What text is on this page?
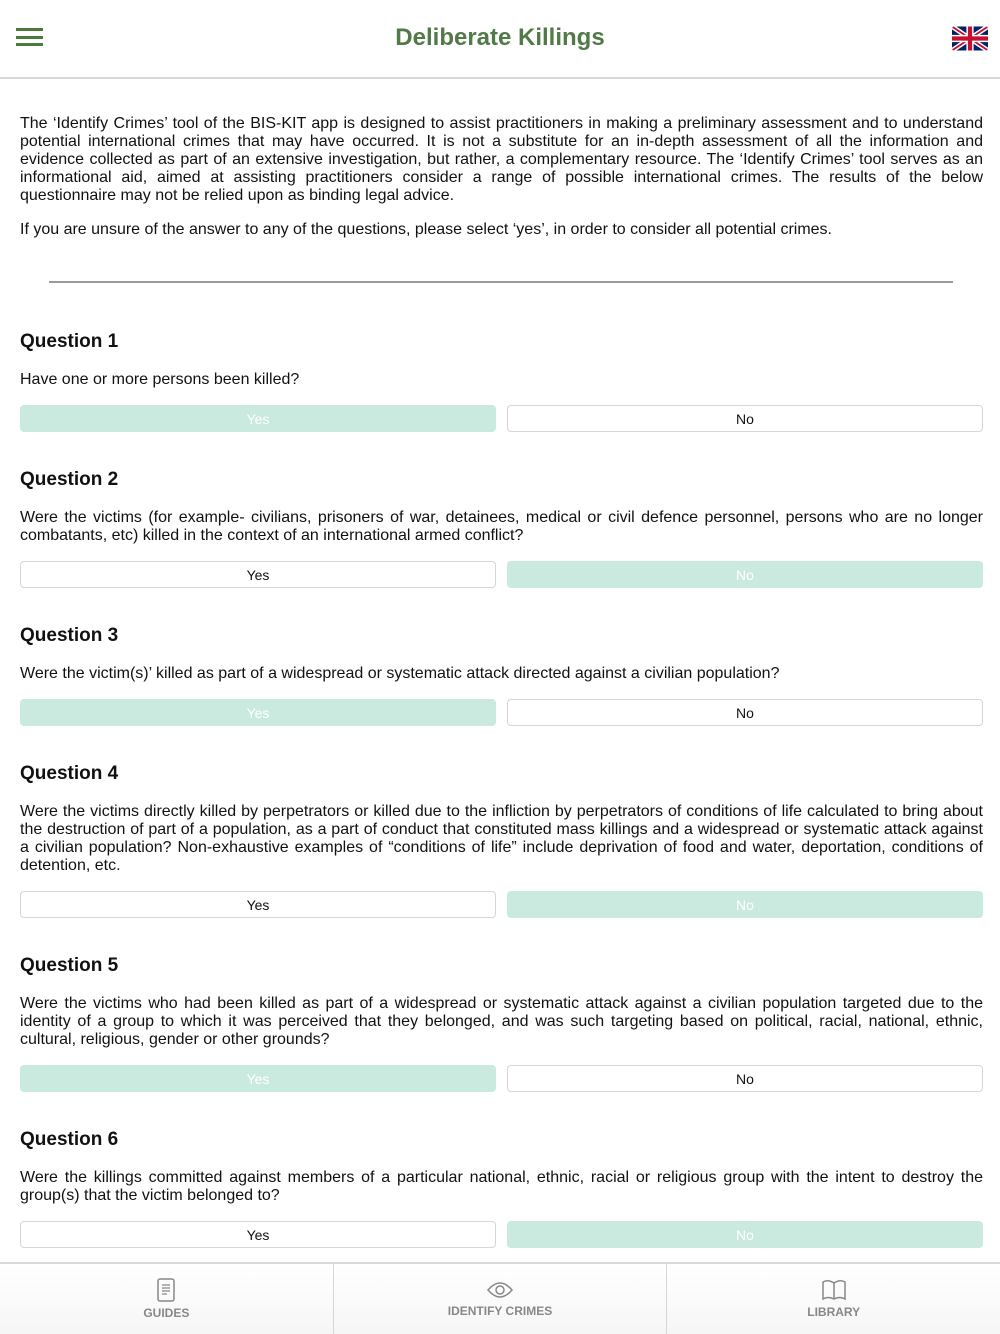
Deliberate Killings

The ‘Identify Crimes’ tool of the BIS-KIT app is designed to assist practitioners in making a preliminary assessment and to understand potential international crimes that may have occurred. It is not a substitute for an in-depth assessment of all the information and evidence collected as part of an extensive investigation, but rather, a complementary resource. The ‘Identify Crimes’ tool serves as an informational aid, aimed at assisting practitioners consider a range of possible international crimes. The results of the below questionnaire may not be relied upon as binding legal advice.

If you are unsure of the answer to any of the questions, please select ‘yes’, in order to consider all potential crimes.

Question 1

Have one or more persons been killed?

Yes	No
Question 2

Were the victims (for example- civilians, prisoners of war, detainees, medical or civil defence personnel, persons who are no longer combatants, etc) killed in the context of an international armed conflict?

Yes	No
Question 3

Were the victim(s)’ killed as part of a widespread or systematic attack directed against a civilian population?

Yes	No
Question 4

Were the victims directly killed by perpetrators or killed due to the infliction by perpetrators of conditions of life calculated to bring about the destruction of part of a population, as a part of conduct that constituted mass killings and a widespread or systematic attack against a civilian population? Non-exhaustive examples of “conditions of life” include deprivation of food and water, deportation, conditions of detention, etc.

Yes	No
Question 5

Were the victims who had been killed as part of a widespread or systematic attack against a civilian population targeted due to the identity of a group to which it was perceived that they belonged, and was such targeting based on political, racial, national, ethnic, cultural, religious, gender or other grounds?

Yes	No
Question 6

Were the killings committed against members of a particular national, ethnic, racial or religious group with the intent to destroy the group(s) that the victim belonged to?

Yes	No
GUIDES	IDENTIFY CRIMES	LIBRARY
